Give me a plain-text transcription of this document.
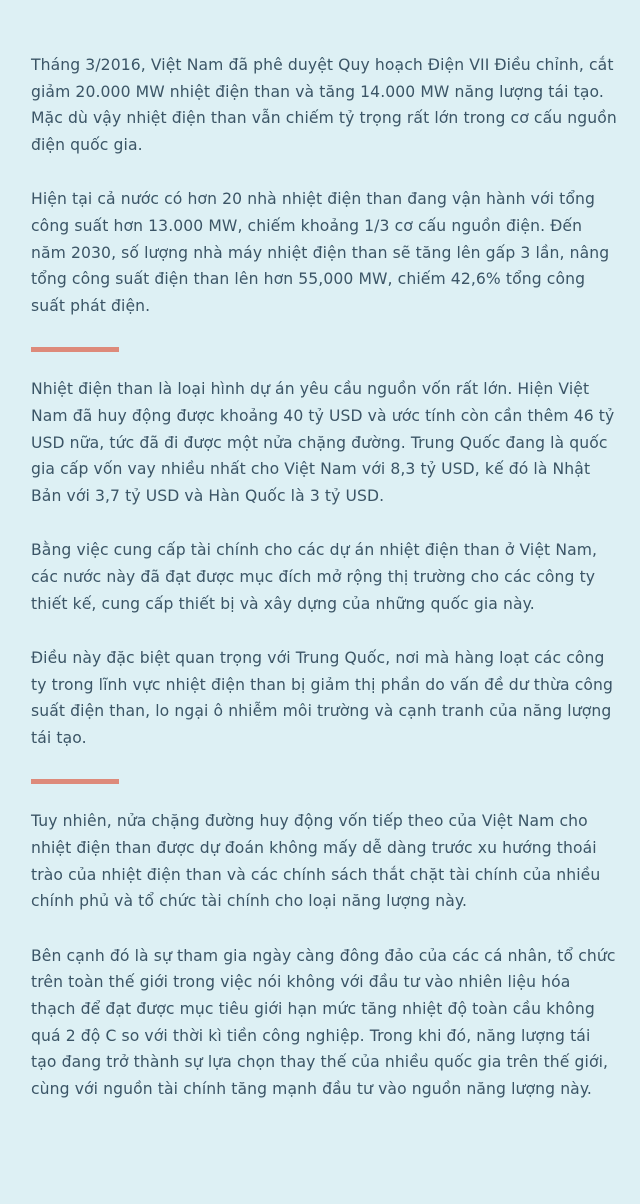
Tháng 3/2016, Việt Nam đã phê duyệt Quy hoạch Điện VII Điều chỉnh, cắt giảm 20.000 MW nhiệt điện than và tăng 14.000 MW năng lượng tái tạo. Mặc dù vậy nhiệt điện than vẫn chiếm tỷ trọng rất lớn trong cơ cấu nguồn điện quốc gia.

Hiện tại cả nước có hơn 20 nhà nhiệt điện than đang vận hành với tổng công suất hơn 13.000 MW, chiếm khoảng 1/3 cơ cấu nguồn điện. Đến năm 2030, số lượng nhà máy nhiệt điện than sẽ tăng lên gấp 3 lần, nâng tổng công suất điện than lên hơn 55,000 MW, chiếm 42,6% tổng công suất phát điện.

Nhiệt điện than là loại hình dự án yêu cầu nguồn vốn rất lớn. Hiện Việt Nam đã huy động được khoảng 40 tỷ USD và ước tính còn cần thêm 46 tỷ USD nữa, tức đã đi được một nửa chặng đường. Trung Quốc đang là quốc gia cấp vốn vay nhiều nhất cho Việt Nam với 8,3 tỷ USD, kế đó là Nhật Bản với 3,7 tỷ USD và Hàn Quốc là 3 tỷ USD.

Bằng việc cung cấp tài chính cho các dự án nhiệt điện than ở Việt Nam, các nước này đã đạt được mục đích mở rộng thị trường cho các công ty thiết kế, cung cấp thiết bị và xây dựng của những quốc gia này.

Điều này đặc biệt quan trọng với Trung Quốc, nơi mà hàng loạt các công ty trong lĩnh vực nhiệt điện than bị giảm thị phần do vấn đề dư thừa công suất điện than, lo ngại ô nhiễm môi trường và cạnh tranh của năng lượng tái tạo.

Tuy nhiên, nửa chặng đường huy động vốn tiếp theo của Việt Nam cho nhiệt điện than được dự đoán không mấy dễ dàng trước xu hướng thoái trào của nhiệt điện than và các chính sách thắt chặt tài chính của nhiều chính phủ và tổ chức tài chính cho loại năng lượng này.

Bên cạnh đó là sự tham gia ngày càng đông đảo của các cá nhân, tổ chức trên toàn thế giới trong việc nói không với đầu tư vào nhiên liệu hóa thạch để đạt được mục tiêu giới hạn mức tăng nhiệt độ toàn cầu không quá 2 độ C so với thời kì tiền công nghiệp. Trong khi đó, năng lượng tái tạo đang trở thành sự lựa chọn thay thế của nhiều quốc gia trên thế giới, cùng với nguồn tài chính tăng mạnh đầu tư vào nguồn năng lượng này.
